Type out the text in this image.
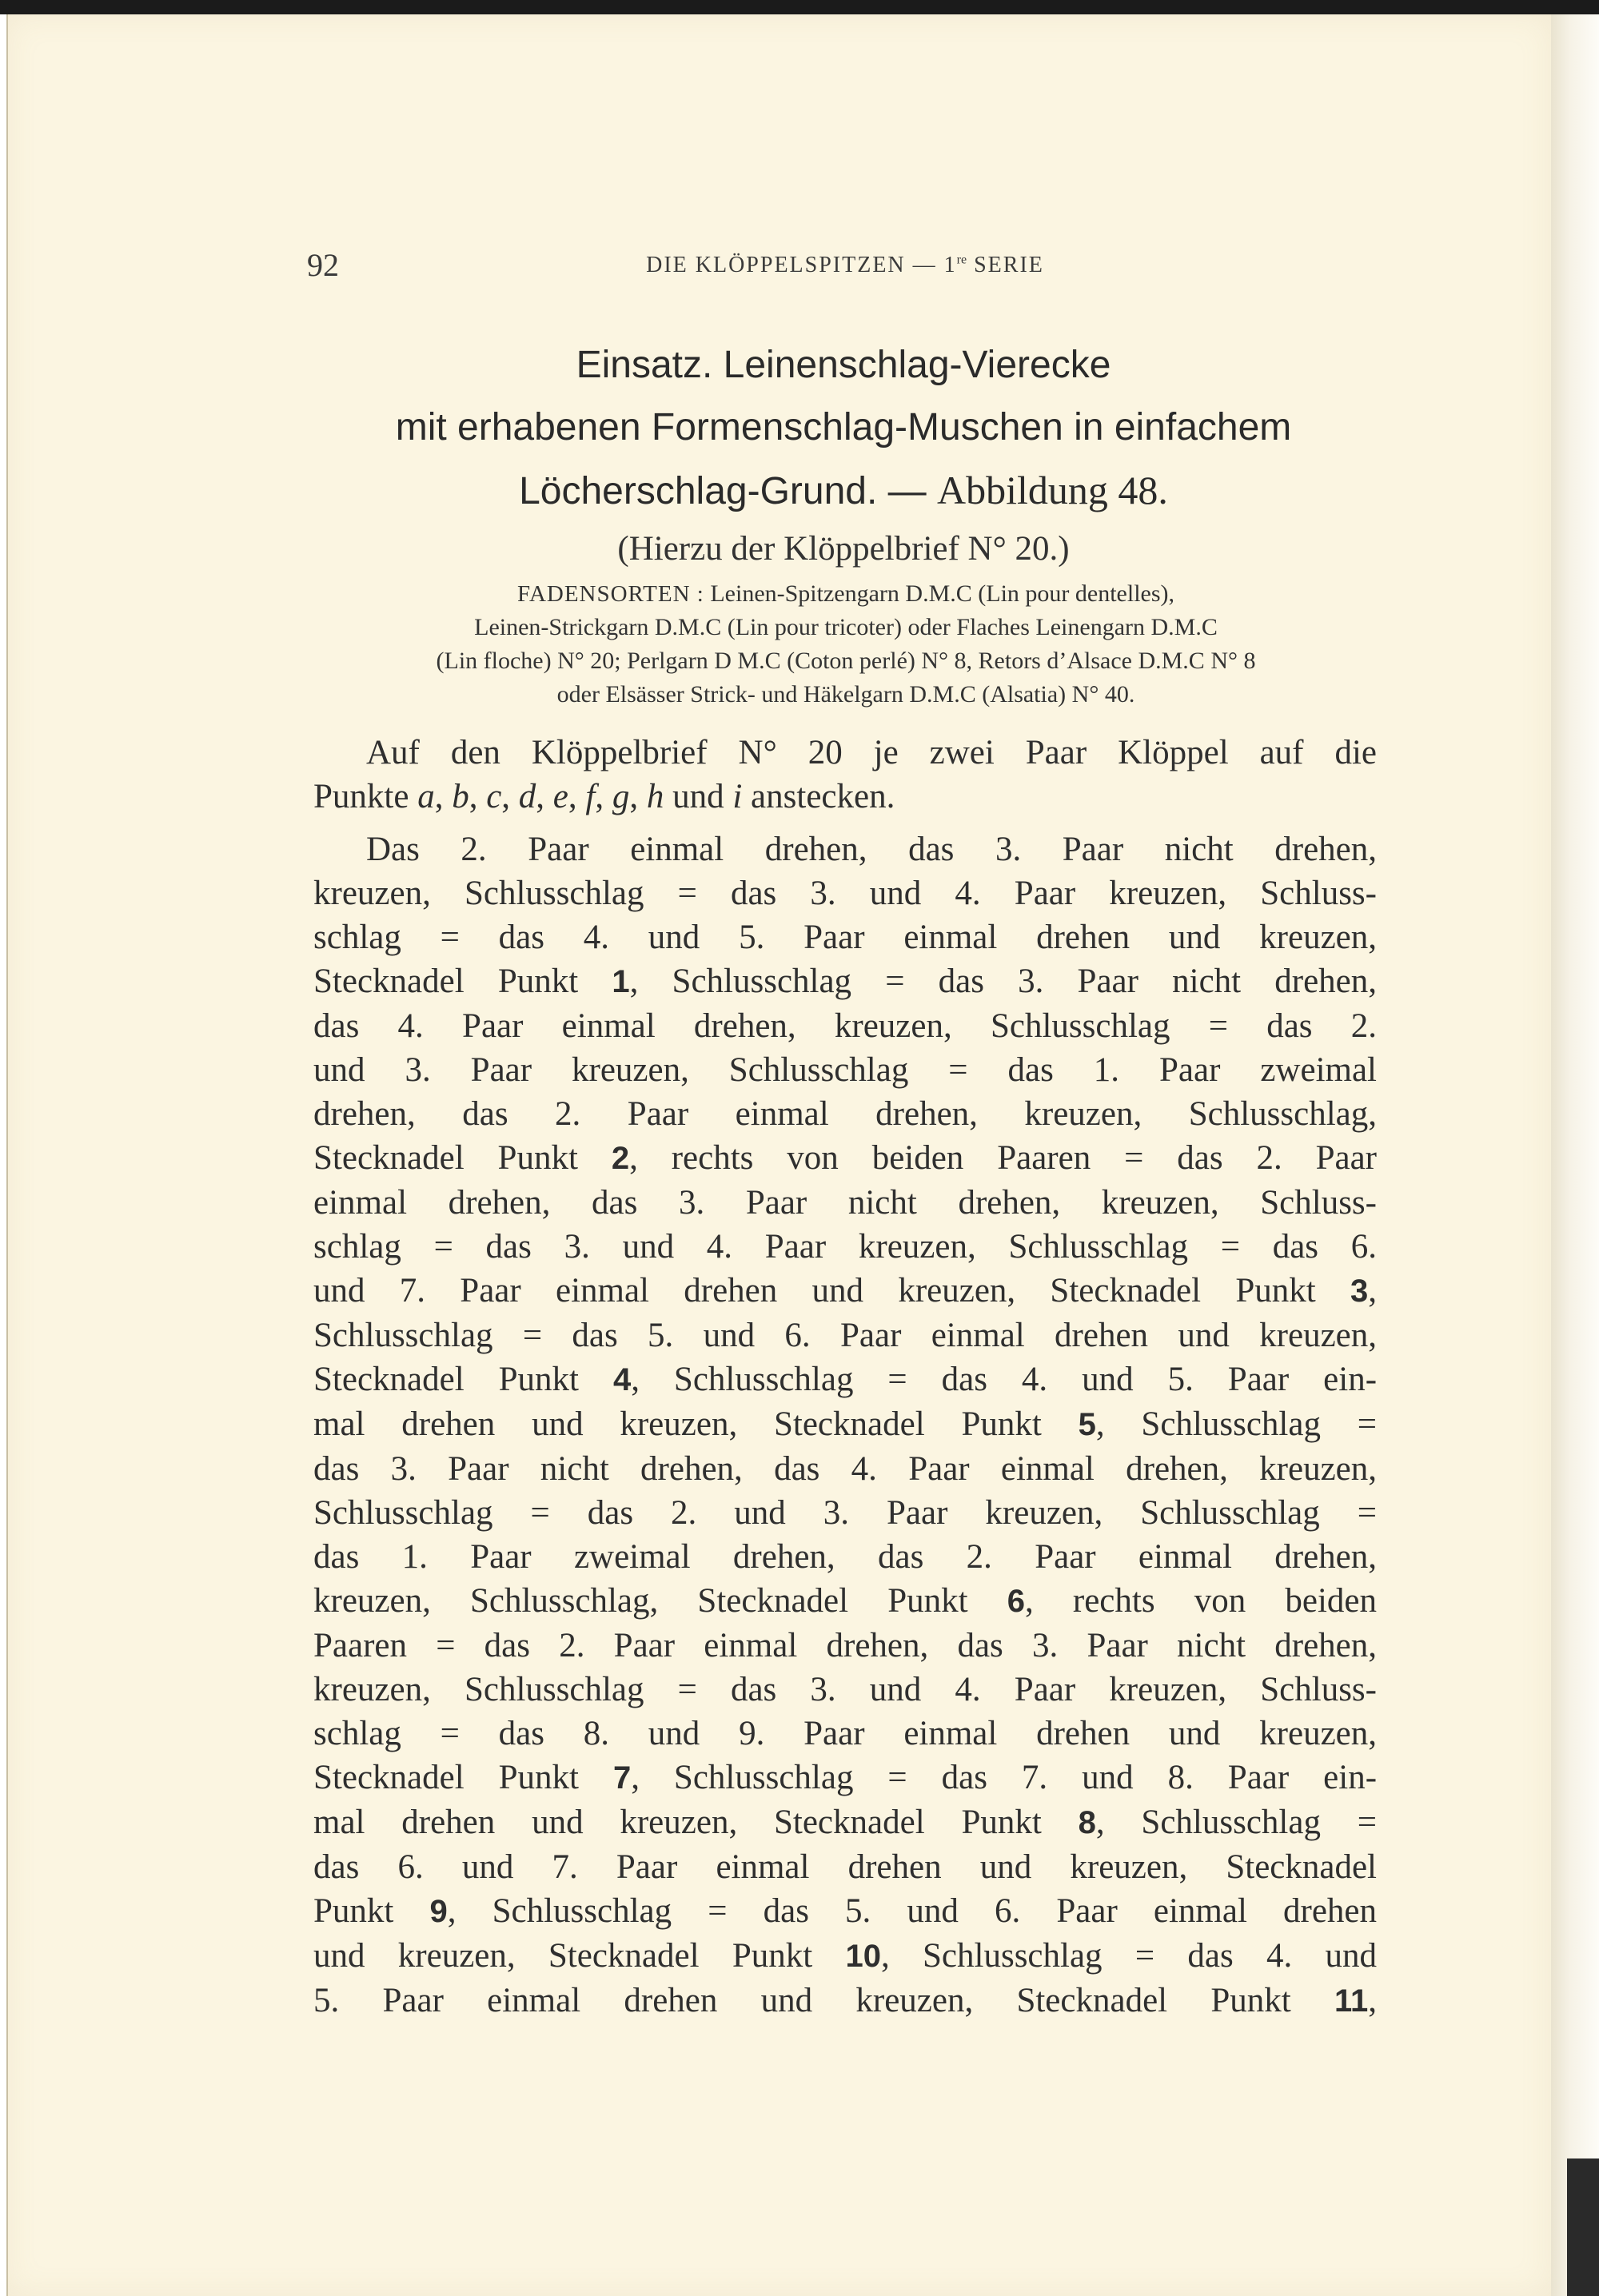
92	DIE KLÖPPELSPITZEN — 1re SERIE
Einsatz. Leinenschlag-Vierecke
mit erhabenen Formenschlag-Muschen in einfachem
Löcherschlag-Grund. — Abbildung 48.
(Hierzu der Klöppelbrief N° 20.)
FADENSORTEN : Leinen-Spitzengarn D.M.C (Lin pour dentelles),
Leinen-Strickgarn D.M.C (Lin pour tricoter) oder Flaches Leinengarn D.M.C
(Lin floche) N° 20; Perlgarn D M.C (Coton perlé) N° 8, Retors d’Alsace D.M.C N° 8
oder Elsässer Strick- und Häkelgarn D.M.C (Alsatia) N° 40.
Auf den Klöppelbrief N° 20 je zwei Paar Klöppel auf die
Punkte a, b, c, d, e, f, g, h und i anstecken.
Das 2. Paar einmal drehen, das 3. Paar nicht drehen,
kreuzen, Schlusschlag = das 3. und 4. Paar kreuzen, Schluss-
schlag = das 4. und 5. Paar einmal drehen und kreuzen,
Stecknadel Punkt 1, Schlusschlag = das 3. Paar nicht drehen,
das 4. Paar einmal drehen, kreuzen, Schlusschlag = das 2.
und 3. Paar kreuzen, Schlusschlag = das 1. Paar zweimal
drehen, das 2. Paar einmal drehen, kreuzen, Schlusschlag,
Stecknadel Punkt 2, rechts von beiden Paaren = das 2. Paar
einmal drehen, das 3. Paar nicht drehen, kreuzen, Schluss-
schlag = das 3. und 4. Paar kreuzen, Schlusschlag = das 6.
und 7. Paar einmal drehen und kreuzen, Stecknadel Punkt 3,
Schlusschlag = das 5. und 6. Paar einmal drehen und kreuzen,
Stecknadel Punkt 4, Schlusschlag = das 4. und 5. Paar ein-
mal drehen und kreuzen, Stecknadel Punkt 5, Schlusschlag =
das 3. Paar nicht drehen, das 4. Paar einmal drehen, kreuzen,
Schlusschlag = das 2. und 3. Paar kreuzen, Schlusschlag =
das 1. Paar zweimal drehen, das 2. Paar einmal drehen,
kreuzen, Schlusschlag, Stecknadel Punkt 6, rechts von beiden
Paaren = das 2. Paar einmal drehen, das 3. Paar nicht drehen,
kreuzen, Schlusschlag = das 3. und 4. Paar kreuzen, Schluss-
schlag = das 8. und 9. Paar einmal drehen und kreuzen,
Stecknadel Punkt 7, Schlusschlag = das 7. und 8. Paar ein-
mal drehen und kreuzen, Stecknadel Punkt 8, Schlusschlag =
das 6. und 7. Paar einmal drehen und kreuzen, Stecknadel
Punkt 9, Schlusschlag = das 5. und 6. Paar einmal drehen
und kreuzen, Stecknadel Punkt 10, Schlusschlag = das 4. und
5. Paar einmal drehen und kreuzen, Stecknadel Punkt 11,
